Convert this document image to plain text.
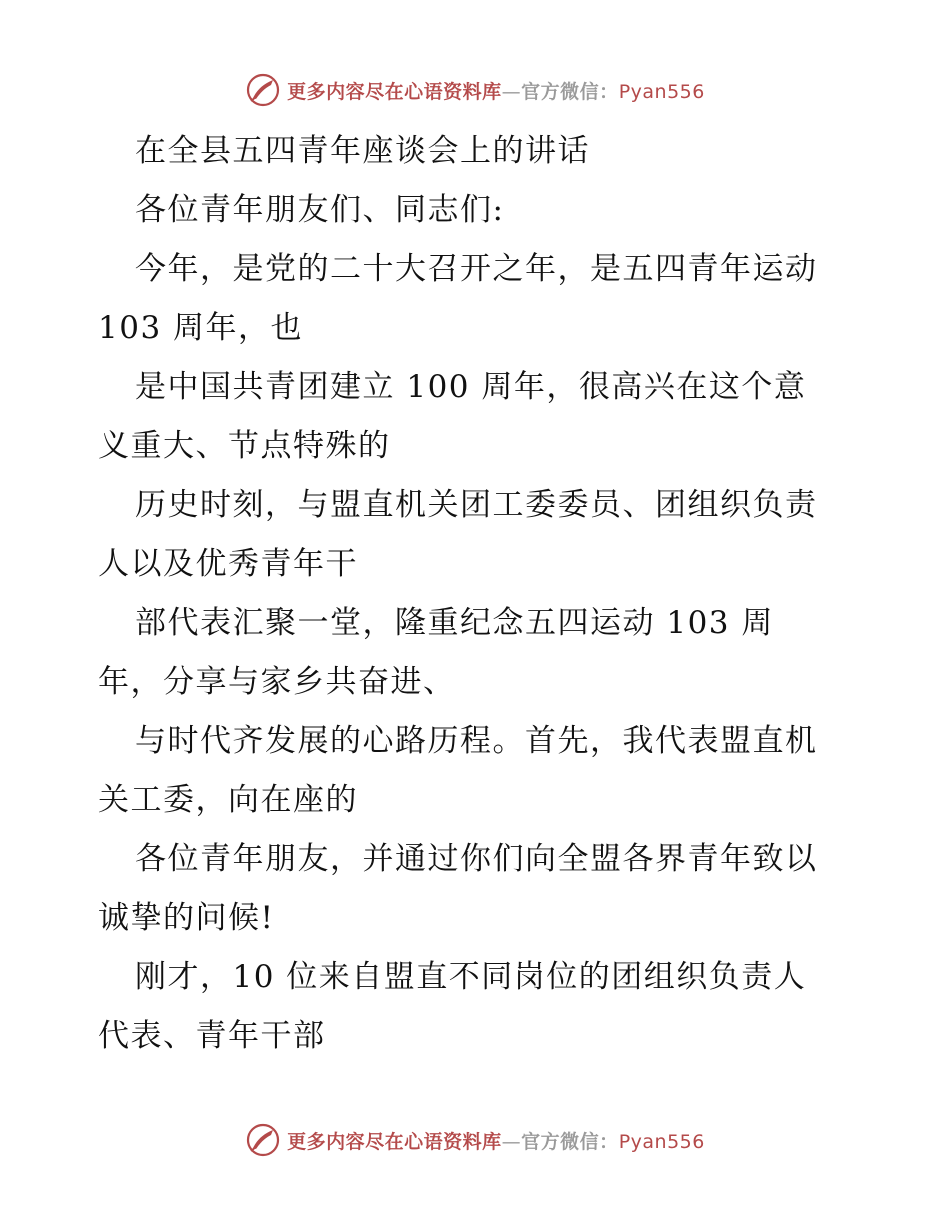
更多内容尽在心语资料库—官方微信：Pyan556
在全县五四青年座谈会上的讲话
各位青年朋友们、同志们:
今年，是党的二十大召开之年，是五四青年运动
103 周年，也
是中国共青团建立 100 周年，很高兴在这个意
义重大、节点特殊的
历史时刻，与盟直机关团工委委员、团组织负责
人以及优秀青年干
部代表汇聚一堂，隆重纪念五四运动 103 周
年，分享与家乡共奋进、
与时代齐发展的心路历程。首先，我代表盟直机
关工委，向在座的
各位青年朋友，并通过你们向全盟各界青年致以
诚挚的问候!
刚才，10 位来自盟直不同岗位的团组织负责人
代表、青年干部
更多内容尽在心语资料库—官方微信：Pyan556
